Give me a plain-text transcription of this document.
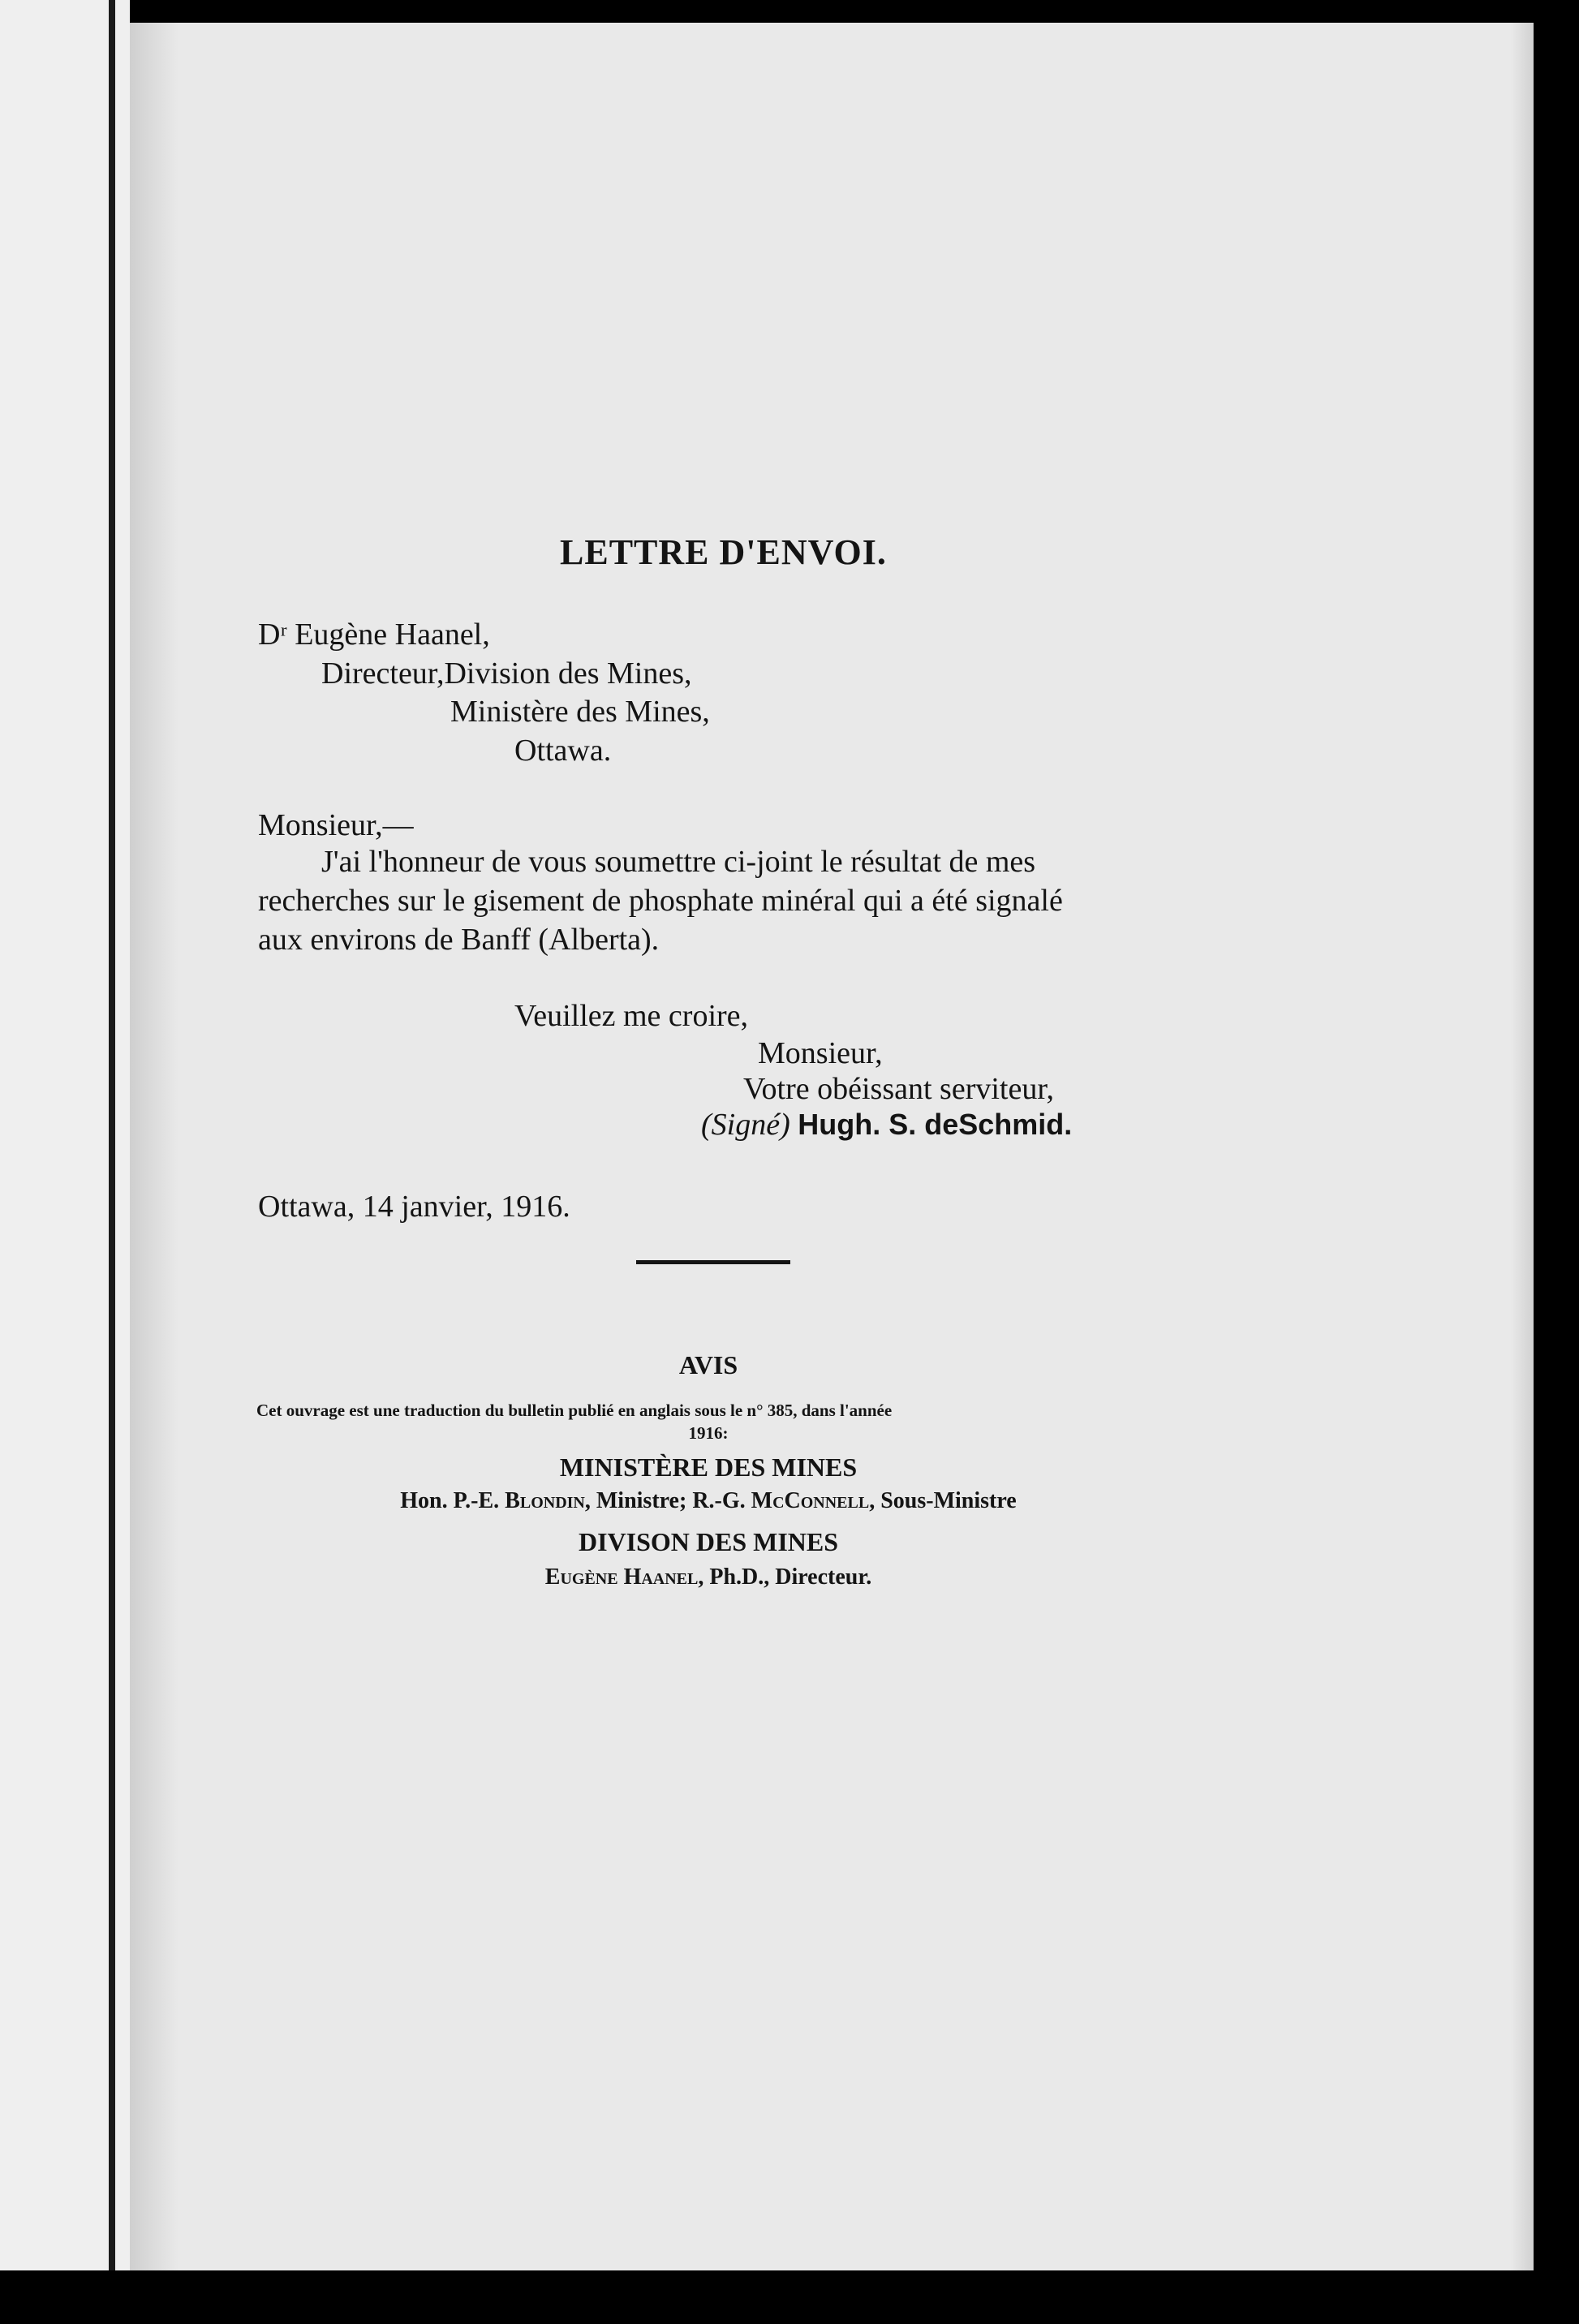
LETTRE D'ENVOI.
Dʳ Eugène Haanel,
Directeur,Division des Mines,
Ministère des Mines,
Ottawa.
Monsieur,—
J'ai l'honneur de vous soumettre ci-joint le résultat de mes
recherches sur le gisement de phosphate minéral qui a été signalé
aux environs de Banff (Alberta).
Veuillez me croire,
Monsieur,
Votre obéissant serviteur,
(Signé) Hugh. S. deSchmid.
Ottawa, 14 janvier, 1916.
AVIS
Cet ouvrage est une traduction du bulletin publié en anglais sous le n° 385, dans l'année
1916:
MINISTÈRE DES MINES
Hon. P.-E. Blondin, Ministre; R.-G. McConnell, Sous-Ministre
DIVISON DES MINES
Eugène Haanel, Ph.D., Directeur.
